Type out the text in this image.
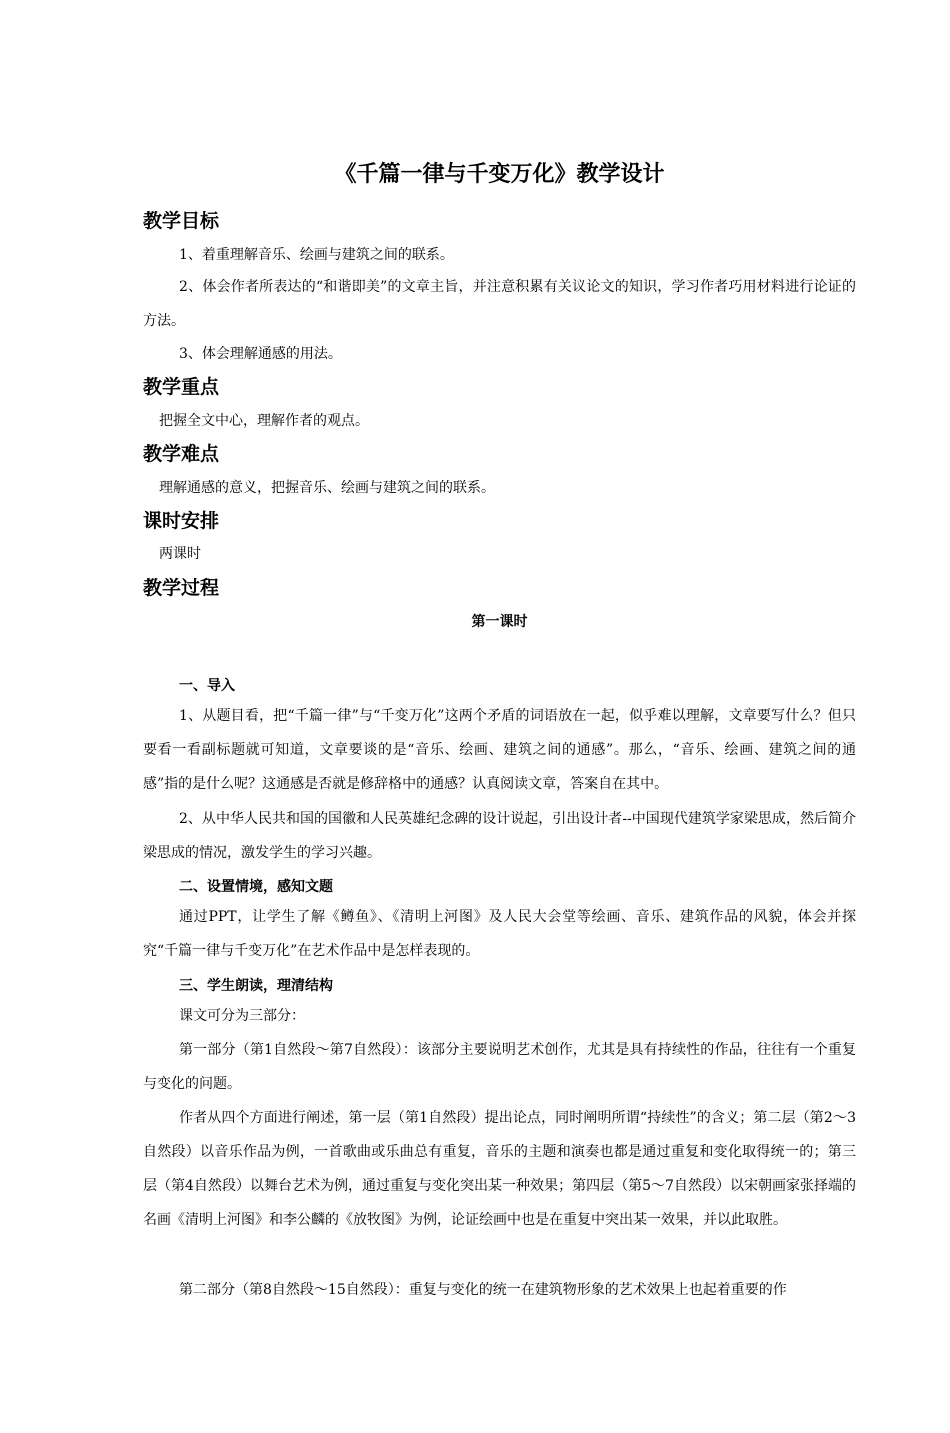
《千篇一律与千变万化》教学设计
教学目标

1、着重理解音乐、绘画与建筑之间的联系。

2、体会作者所表达的“和谐即美”的文章主旨，并注意积累有关议论文的知识，学习作者巧用材料进行论证的方法。

3、体会理解通感的用法。

教学重点

把握全文中心，理解作者的观点。

教学难点

理解通感的意义，把握音乐、绘画与建筑之间的联系。

课时安排

两课时

教学过程

第一课时

一、导入

1、从题目看，把“千篇一律”与“千变万化”这两个矛盾的词语放在一起，似乎难以理解，文章要写什么？但只要看一看副标题就可知道，文章要谈的是“音乐、绘画、建筑之间的通感”。那么，“音乐、绘画、建筑之间的通感”指的是什么呢？这通感是否就是修辞格中的通感？认真阅读文章，答案自在其中。

2、从中华人民共和国的国徽和人民英雄纪念碑的设计说起，引出设计者--中国现代建筑学家梁思成，然后简介梁思成的情况，激发学生的学习兴趣。

二、设置情境，感知文题

通过PPT，让学生了解《鳟鱼》、《清明上河图》及人民大会堂等绘画、音乐、建筑作品的风貌，体会并探究“千篇一律与千变万化”在艺术作品中是怎样表现的。

三、学生朗读，理清结构

课文可分为三部分：

第一部分（第1自然段～第7自然段）：该部分主要说明艺术创作，尤其是具有持续性的作品，往往有一个重复与变化的问题。

作者从四个方面进行阐述，第一层（第1自然段）提出论点，同时阐明所谓“持续性”的含义；第二层（第2～3自然段）以音乐作品为例，一首歌曲或乐曲总有重复，音乐的主题和演奏也都是通过重复和变化取得统一的；第三层（第4自然段）以舞台艺术为例，通过重复与变化突出某一种效果；第四层（第5～7自然段）以宋朝画家张择端的名画《清明上河图》和李公麟的《放牧图》为例，论证绘画中也是在重复中突出某一效果，并以此取胜。

第二部分（第8自然段～15自然段）：重复与变化的统一在建筑物形象的艺术效果上也起着重要的作
